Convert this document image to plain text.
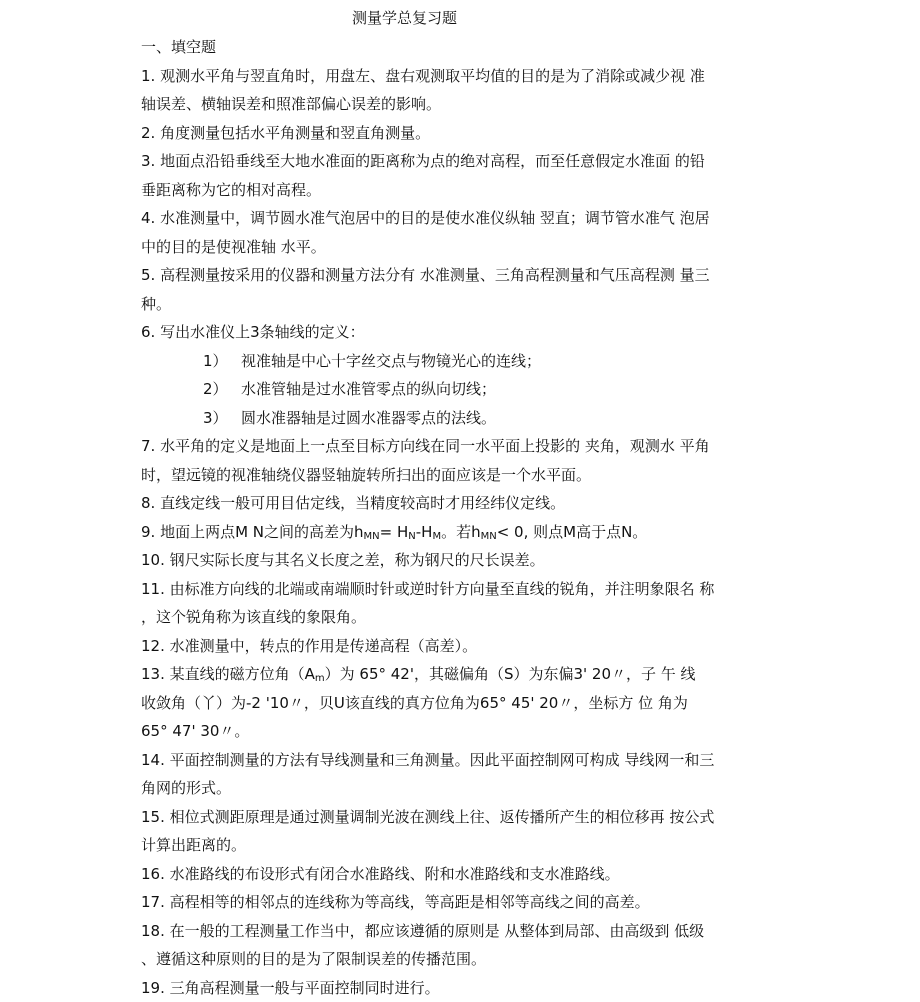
测量学总复习题
一、填空题
1. 观测水平角与翌直角时，用盘左、盘右观测取平均值的目的是为了消除或减少视 准
轴误差、横轴误差和照准部偏心误差的影响。
2. 角度测量包括水平角测量和翌直角测量。
3. 地面点沿铅垂线至大地水准面的距离称为点的绝对高程，而至任意假定水准面 的铅
垂距离称为它的相对高程。
4. 水准测量中，调节圆水准气泡居中的目的是使水准仪纵轴 翌直；调节管水准气 泡居
中的目的是使视准轴 水平。
5. 高程测量按采用的仪器和测量方法分有 水准测量、三角高程测量和气压高程测 量三
种。
6. 写出水准仪上3条轴线的定义：
1） 视准轴是中心十字丝交点与物镜光心的连线；
2） 水准管轴是过水准管零点的纵向切线；
3） 圆水准器轴是过圆水准器零点的法线。
7. 水平角的定义是地面上一点至目标方向线在同一水平面上投影的 夹角，观测水 平角
时，望远镜的视准轴绕仪器竖轴旋转所扫出的面应该是一个水平面。
8. 直线定线一般可用目估定线，当精度较高时才用经纬仪定线。
9. 地面上两点M N之间的高差为hMN= HN-HM。若hMN< 0, 则点M高于点N。
10. 钢尺实际长度与其名义长度之差，称为钢尺的尺长误差。
11. 由标准方向线的北端或南端顺时针或逆时针方向量至直线的锐角，并注明象限名 称
，这个锐角称为该直线的象限角。
12. 水准测量中，转点的作用是传递高程（高差）。
13. 某直线的磁方位角（Am）为 65° 42'，其磁偏角（S）为东偏3' 20〃，子 午 线
收敛角（丫）为-2 '10〃，贝U该直线的真方位角为65° 45' 20〃，坐标方 位 角为
65° 47' 30〃。
14. 平面控制测量的方法有导线测量和三角测量。因此平面控制网可构成 导线网一和三
角网的形式。
15. 相位式测距原理是通过测量调制光波在测线上往、返传播所产生的相位移再 按公式
计算出距离的。
16. 水准路线的布设形式有闭合水准路线、附和水准路线和支水准路线。
17. 高程相等的相邻点的连线称为等高线，等高距是相邻等高线之间的高差。
18. 在一般的工程测量工作当中，都应该遵循的原则是 从整体到局部、由高级到 低级
、遵循这种原则的目的是为了限制误差的传播范围。
19. 三角高程测量一般与平面控制同时进行。
